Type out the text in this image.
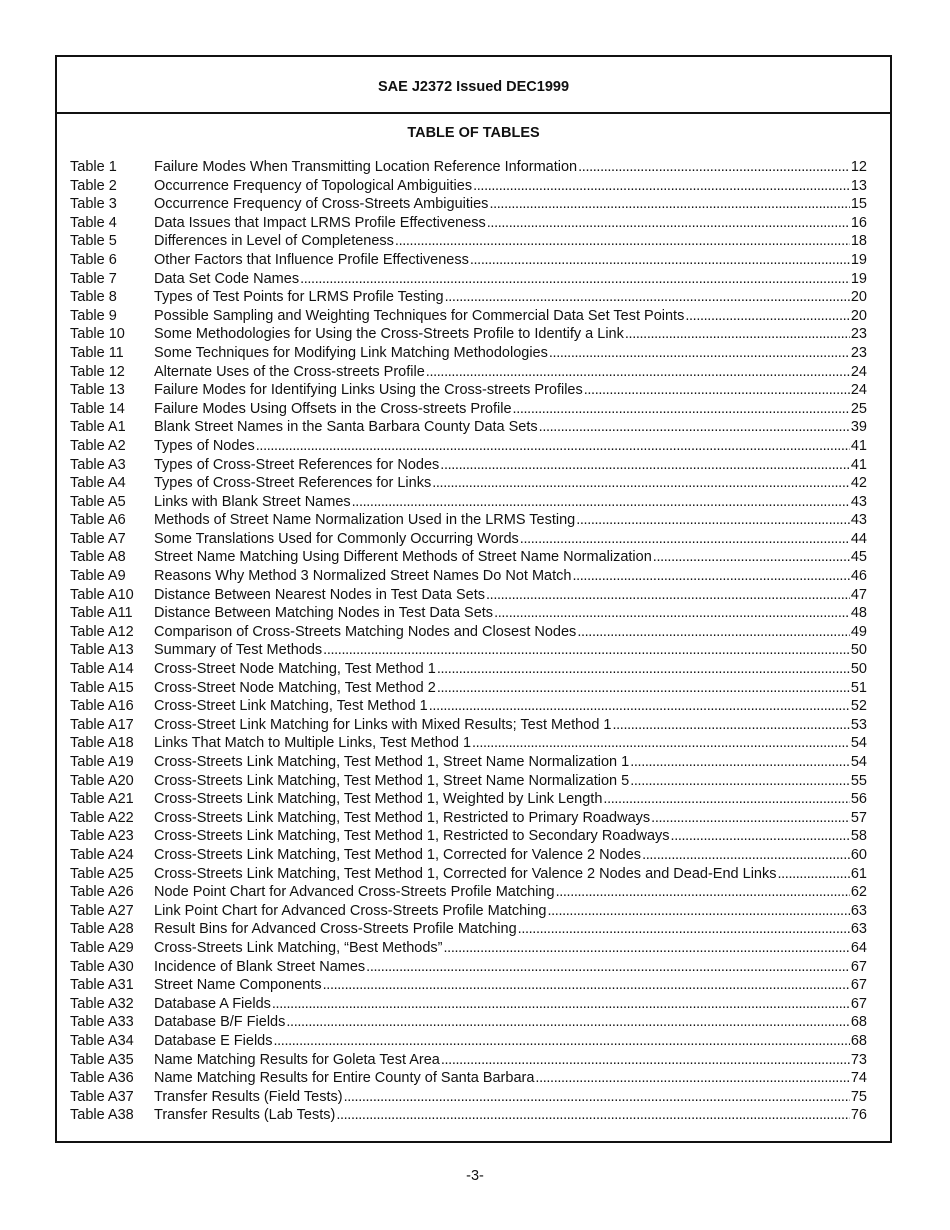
SAE J2372 Issued DEC1999
TABLE OF TABLES
Table 1	Failure Modes When Transmitting Location Reference Information . . .	12
Table 2	Occurrence Frequency of Topological Ambiguities . . .	13
Table 3	Occurrence Frequency of Cross-Streets Ambiguities . . .	15
Table 4	Data Issues that Impact LRMS Profile Effectiveness . . .	16
Table 5	Differences in Level of Completeness . . .	18
Table 6	Other Factors that Influence Profile Effectiveness . . .	19
Table 7	Data Set Code Names . . .	19
Table 8	Types of Test Points for LRMS Profile Testing . . .	20
Table 9	Possible Sampling and Weighting Techniques for Commercial Data Set Test Points . . .	20
Table 10	Some Methodologies for Using the Cross-Streets Profile to Identify a Link . . .	23
Table 11	Some Techniques for Modifying Link Matching Methodologies . . .	23
Table 12	Alternate Uses of the Cross-streets Profile . . .	24
Table 13	Failure Modes for Identifying Links Using the Cross-streets Profiles . . .	24
Table 14	Failure Modes Using Offsets in the Cross-streets Profile . . .	25
Table A1	Blank Street Names in the Santa Barbara County Data Sets . . .	39
Table A2	Types of Nodes . . .	41
Table A3	Types of Cross-Street References for Nodes . . .	41
Table A4	Types of Cross-Street References for Links . . .	42
Table A5	Links with Blank Street Names . . .	43
Table A6	Methods of Street Name Normalization Used in the LRMS Testing . . .	43
Table A7	Some Translations Used for Commonly Occurring Words . . .	44
Table A8	Street Name Matching Using Different Methods of Street Name Normalization . . .	45
Table A9	Reasons Why Method 3 Normalized Street Names Do Not Match . . .	46
Table A10	Distance Between Nearest Nodes in Test Data Sets . . .	47
Table A11	Distance Between Matching Nodes in Test Data Sets . . .	48
Table A12	Comparison of Cross-Streets Matching Nodes and Closest Nodes . . .	49
Table A13	Summary of Test Methods . . .	50
Table A14	Cross-Street Node Matching, Test Method 1 . . .	50
Table A15	Cross-Street Node Matching, Test Method 2 . . .	51
Table A16	Cross-Street Link Matching, Test Method 1 . . .	52
Table A17	Cross-Street Link Matching for Links with Mixed Results; Test Method 1 . . .	53
Table A18	Links That Match to Multiple Links, Test Method 1 . . .	54
Table A19	Cross-Streets Link Matching, Test Method 1, Street Name Normalization 1 . . .	54
Table A20	Cross-Streets Link Matching, Test Method 1, Street Name Normalization 5 . . .	55
Table A21	Cross-Streets Link Matching, Test Method 1, Weighted by Link Length . . .	56
Table A22	Cross-Streets Link Matching, Test Method 1, Restricted to Primary Roadways . . .	57
Table A23	Cross-Streets Link Matching, Test Method 1, Restricted to Secondary Roadways . . .	58
Table A24	Cross-Streets Link Matching, Test Method 1, Corrected for Valence 2 Nodes . . .	60
Table A25	Cross-Streets Link Matching, Test Method 1, Corrected for Valence 2 Nodes and Dead-End Links . . .	61
Table A26	Node Point Chart for Advanced Cross-Streets Profile Matching . . .	62
Table A27	Link Point Chart for Advanced Cross-Streets Profile Matching . . .	63
Table A28	Result Bins for Advanced Cross-Streets Profile Matching . . .	63
Table A29	Cross-Streets Link Matching, “Best Methods” . . .	64
Table A30	Incidence of Blank Street Names . . .	67
Table A31	Street Name Components . . .	67
Table A32	Database A Fields . . .	67
Table A33	Database B/F Fields . . .	68
Table A34	Database E Fields . . .	68
Table A35	Name Matching Results for Goleta Test Area . . .	73
Table A36	Name Matching Results for Entire County of Santa Barbara . . .	74
Table A37	Transfer Results (Field Tests) . . .	75
Table A38	Transfer Results (Lab Tests) . . .	76
-3-
